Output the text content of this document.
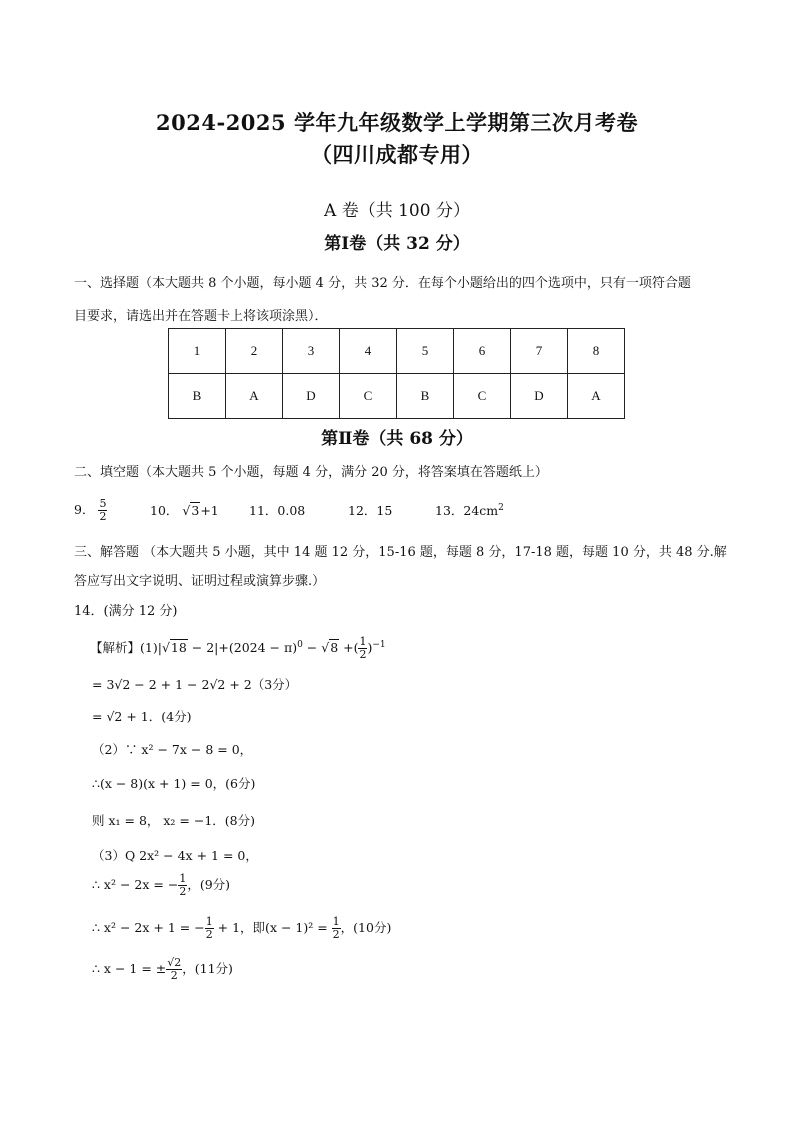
2024-2025 学年九年级数学上学期第三次月考卷
（四川成都专用）
A 卷（共 100 分）
第Ⅰ卷（共 32 分）
一、选择题（本大题共 8 个小题，每小题 4 分，共 32 分．在每个小题给出的四个选项中，只有一项符合题
目要求，请选出并在答题卡上将该项涂黑）．
1	2	3	4	5	6	7	8
B	A	D	C	B	C	D	A
第Ⅱ卷（共 68 分）
二、填空题（本大题共 5 个小题，每题 4 分，满分 20 分，将答案填在答题纸上）
9． $\frac{5}{2}$	10． √3+1 11．0.08	12．15	13．$24cm^2$
三、解答题 （本大题共 5 小题，其中 14 题 12 分，15-16 题，每题 8 分，17-18 题，每题 10 分，共 48 分.解
答应写出文字说明、证明过程或演算步骤.）
14．(满分 12 分)
【解析】$(1)|√18 - 2|+(2024 - \pi)^0 - √8$ +( $\frac{1}{2} )^{-1}$
= 3√2 − 2 + 1 − 2√2 + 2（3分）
= √2 + 1．(4分)
（2）∵ x² − 7x − 8 = 0，
∴(x − 8)(x + 1) = 0，(6分)
则 x₁ = 8， x₂ = −1．(8分)
（3）Q 2x² − 4x + 1 = 0，
∴ x² − 2x = − $\frac{1}{2}$ ，(9分)
∴ x² − 2x + 1 = − $\frac{1}{2} + 1$，即$(x - 1)^2 = \frac{1}{2}$ ，(10分)
∴ x − 1 = ± $\frac{√2}{2}$ ，(11分)
